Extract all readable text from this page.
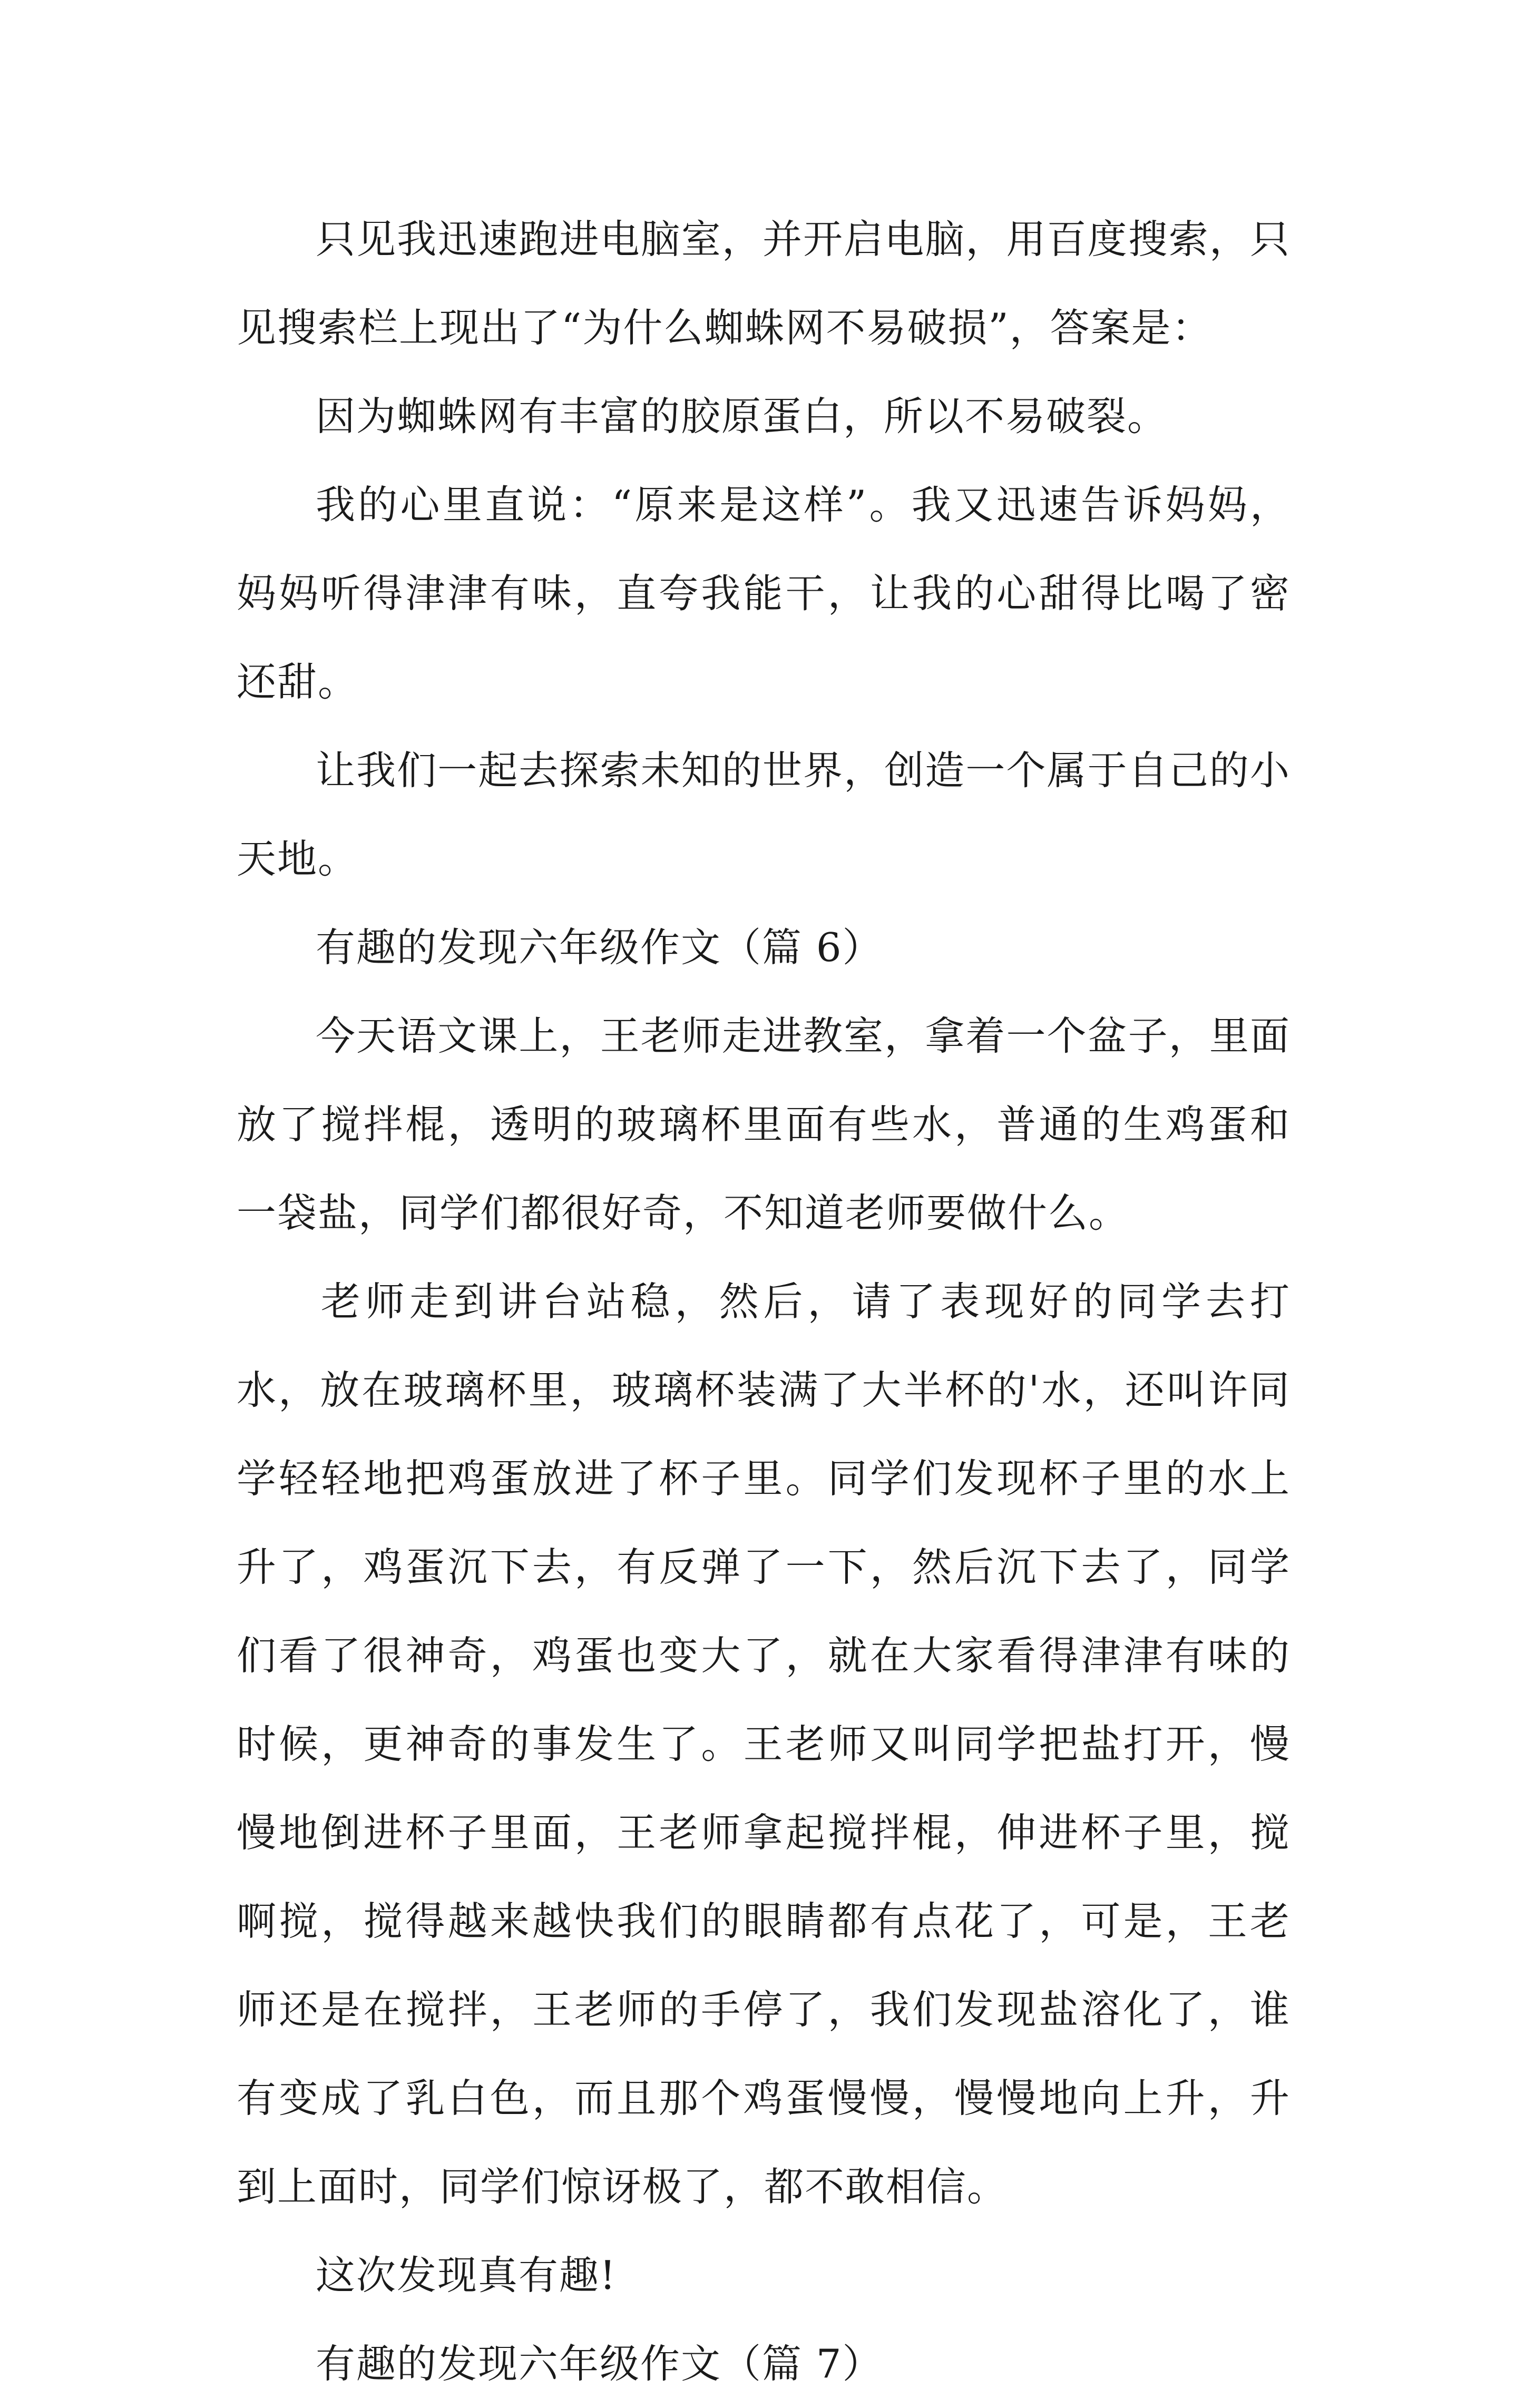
只见我迅速跑进电脑室，并开启电脑，用百度搜索，只见搜索栏上现出了“为什么蜘蛛网不易破损”，答案是：

因为蜘蛛网有丰富的胶原蛋白，所以不易破裂。

我的心里直说：“原来是这样”。我又迅速告诉妈妈，妈妈听得津津有味，直夸我能干，让我的心甜得比喝了密还甜。

让我们一起去探索未知的世界，创造一个属于自己的小天地。

有趣的发现六年级作文（篇 6）

今天语文课上，王老师走进教室，拿着一个盆子，里面放了搅拌棍，透明的玻璃杯里面有些水，普通的生鸡蛋和一袋盐，同学们都很好奇，不知道老师要做什么。

老师走到讲台站稳，然后，请了表现好的同学去打水，放在玻璃杯里，玻璃杯装满了大半杯的'水，还叫许同学轻轻地把鸡蛋放进了杯子里。同学们发现杯子里的水上升了，鸡蛋沉下去，有反弹了一下，然后沉下去了，同学们看了很神奇，鸡蛋也变大了，就在大家看得津津有味的时候，更神奇的事发生了。王老师又叫同学把盐打开，慢慢地倒进杯子里面，王老师拿起搅拌棍，伸进杯子里，搅啊搅，搅得越来越快我们的眼睛都有点花了，可是，王老师还是在搅拌，王老师的手停了，我们发现盐溶化了，谁有变成了乳白色，而且那个鸡蛋慢慢，慢慢地向上升，升到上面时，同学们惊讶极了，都不敢相信。

这次发现真有趣!

有趣的发现六年级作文（篇 7）
